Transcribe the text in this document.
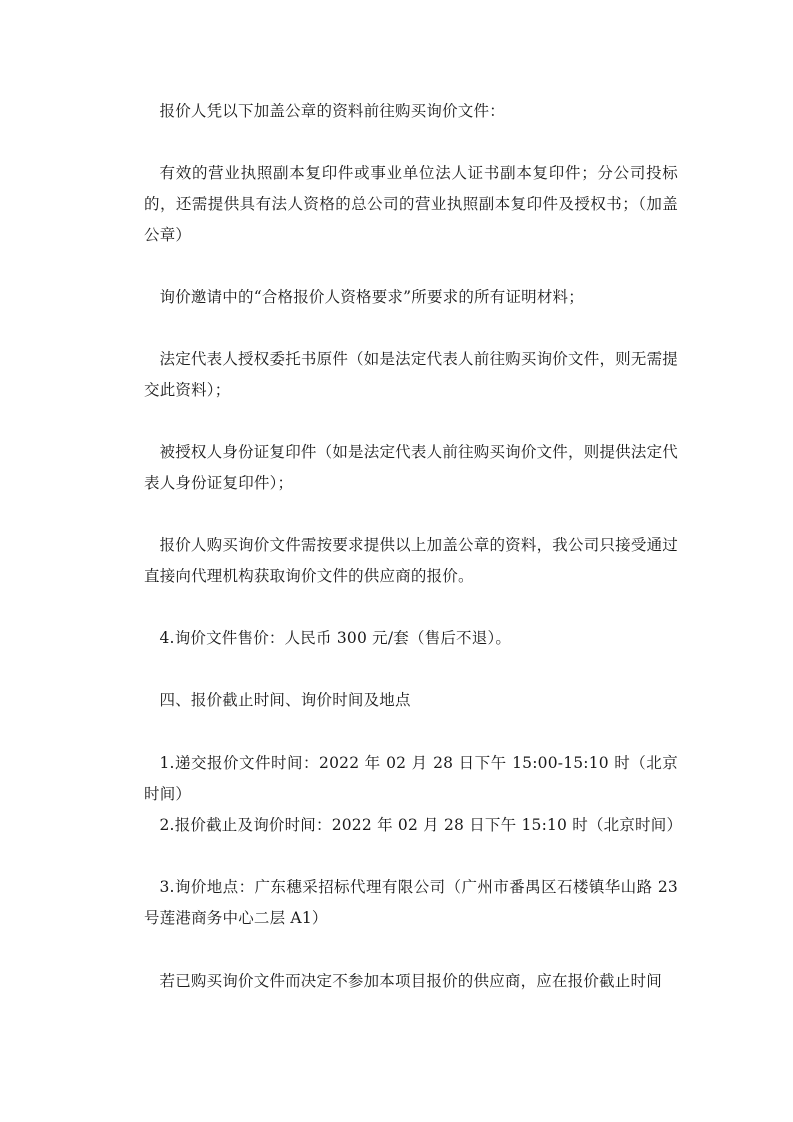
报价人凭以下加盖公章的资料前往购买询价文件：

有效的营业执照副本复印件或事业单位法人证书副本复印件；分公司投标的，还需提供具有法人资格的总公司的营业执照副本复印件及授权书；（加盖公章）

询价邀请中的“合格报价人资格要求”所要求的所有证明材料；

法定代表人授权委托书原件（如是法定代表人前往购买询价文件，则无需提交此资料）；

被授权人身份证复印件（如是法定代表人前往购买询价文件，则提供法定代表人身份证复印件）；

报价人购买询价文件需按要求提供以上加盖公章的资料，我公司只接受通过直接向代理机构获取询价文件的供应商的报价。

4.询价文件售价：人民币 300 元/套（售后不退）。

四、报价截止时间、询价时间及地点

1.递交报价文件时间：2022 年 02 月 28 日下午 15:00-15:10 时（北京时间）

2.报价截止及询价时间：2022 年 02 月 28 日下午 15:10 时（北京时间）

3.询价地点：广东穗采招标代理有限公司（广州市番禺区石楼镇华山路 23 号莲港商务中心二层 A1）

若已购买询价文件而决定不参加本项目报价的供应商，应在报价截止时间
